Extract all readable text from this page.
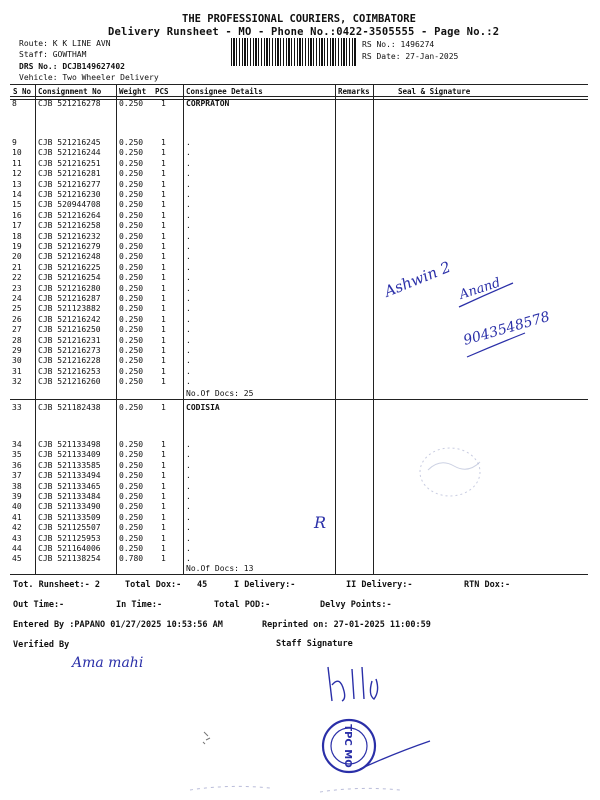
THE PROFESSIONAL COURIERS, COIMBATORE
Delivery Runsheet - MO - Phone No.:0422-3505555 - Page No.:2
Route: K K LINE AVN
Staff: GOWTHAM
DRS No.: DCJB149627402
Vehicle: Two Wheeler Delivery
RS No.: 1496274
RS Date: 27-Jan-2025
S No Consignment No Weight PCS Consignee Details	Remarks	Seal & Signature
8	CJB 521216278 0.250 1	CORPRATON
9	CJB 521216245 0.250 1	.
10 CJB 521216244 0.250 1	.
11 CJB 521216251 0.250 1	.
12 CJB 521216281 0.250 1	.
13 CJB 521216277 0.250 1	.
14 CJB 521216230 0.250 1	.
15 CJB 520944708 0.250 1	.
16 CJB 521216264 0.250 1	.
17 CJB 521216258 0.250 1	.
18 CJB 521216232 0.250 1	.
19 CJB 521216279 0.250 1	.
20 CJB 521216248 0.250 1	.
21 CJB 521216225 0.250 1	.
22 CJB 521216254 0.250 1	.
23 CJB 521216280 0.250 1	.
24 CJB 521216287 0.250 1	.
25 CJB 521123882 0.250 1	.
26 CJB 521216242 0.250 1	.
27 CJB 521216250 0.250 1	.
28 CJB 521216231 0.250 1	.
29 CJB 521216273 0.250 1	.
30 CJB 521216228 0.250 1	.
31 CJB 521216253 0.250 1	.
32 CJB 521216260 0.250 1	.
No.Of Docs: 25
33 CJB 521182438 0.250 1	CODISIA
34 CJB 521133498 0.250 1	.
35 CJB 521133409 0.250 1	.
36 CJB 521133585 0.250 1	.
37 CJB 521133494 0.250 1	.
38 CJB 521133465 0.250 1	.
39 CJB 521133484 0.250 1	.
40 CJB 521133490 0.250 1	.
41 CJB 521133509 0.250 1	.
42 CJB 521125507 0.250 1	.
43 CJB 521125953 0.250 1	.
44 CJB 521164006 0.250 1	.
45 CJB 521138254 0.780 1	.
No.Of Docs: 13
Tot. Runsheet:- 2	Total Dox:- 45	I Delivery:-	II Delivery:-	RTN Dox:-
Out Time:-	In Time:-	Total POD:-	Delvy Points:-
Entered By :PAPANO 01/27/2025 10:53:56 AM	Reprinted on: 27-01-2025 11:00:59
Verified By	Staff Signature
Ashwin 2 Anand
9043548578
R
Ama mahi
TPC MO
